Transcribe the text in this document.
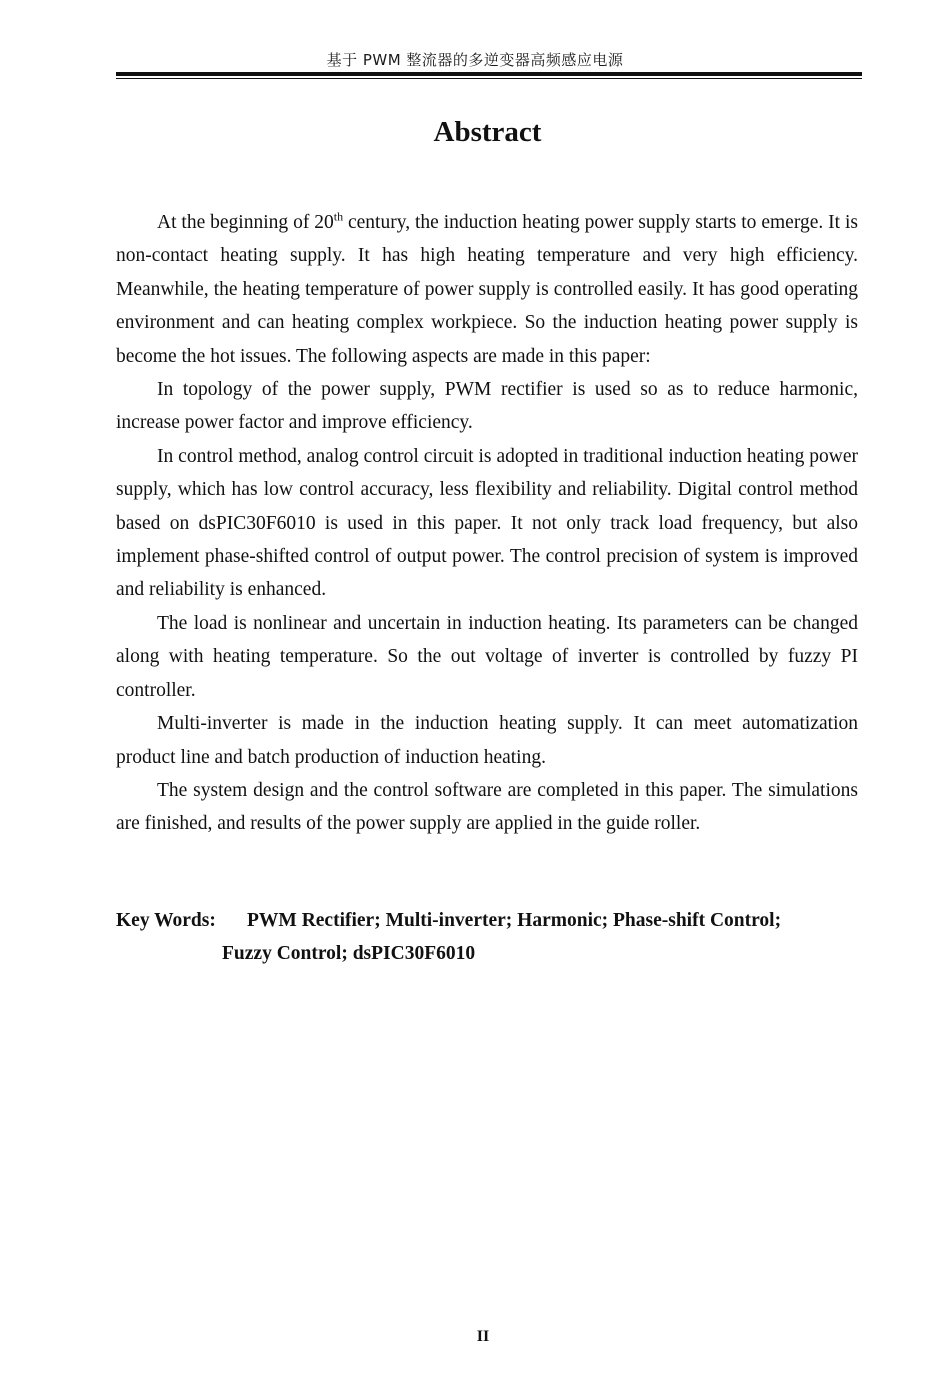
基于 PWM 整流器的多逆变器高频感应电源
Abstract

At the beginning of 20th century, the induction heating power supply starts to emerge. It is non-contact heating supply. It has high heating temperature and very high efficiency. Meanwhile, the heating temperature of power supply is controlled easily. It has good operating environment and can heating complex workpiece. So the induction heating power supply is become the hot issues. The following aspects are made in this paper:

In topology of the power supply, PWM rectifier is used so as to reduce harmonic, increase power factor and improve efficiency.

In control method, analog control circuit is adopted in traditional induction heating power supply, which has low control accuracy, less flexibility and reliability. Digital control method based on dsPIC30F6010 is used in this paper. It not only track load frequency, but also implement phase-shifted control of output power. The control precision of system is improved and reliability is enhanced.

The load is nonlinear and uncertain in induction heating. Its parameters can be changed along with heating temperature. So the out voltage of inverter is controlled by fuzzy PI controller.

Multi-inverter is made in the induction heating supply. It can meet automatization product line and batch production of induction heating.

The system design and the control software are completed in this paper. The simulations are finished, and results of the power supply are applied in the guide roller.

Key Words: PWM Rectifier; Multi-inverter; Harmonic; Phase-shift Control;
Fuzzy Control; dsPIC30F6010
II
